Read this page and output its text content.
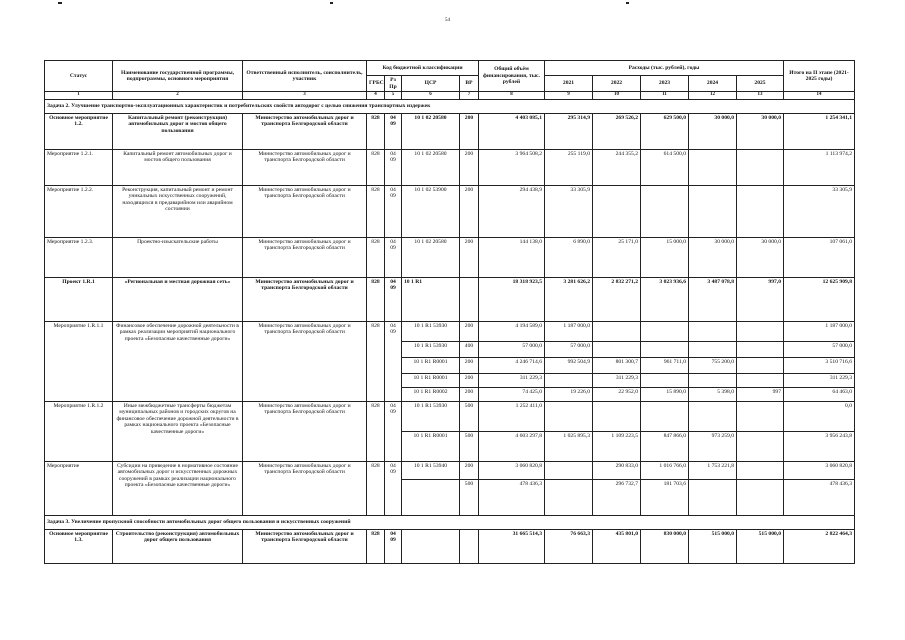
54
Статус	Наименование государственной программы, подпрограммы, основного мероприятия	Ответственный исполнитель, соисполнитель, участник	Код бюджетной классификации				Общий объём финансирования, тыс. рублей	Расходы (тыс. рублей), годы					Итого на II этапе (2021-2025 годы)
			ГРБС	Рз Пр	ЦСР	ВР		2021	2022	2023	2024	2025	
1	2	3	4	5	6	7	8	9	10	11	12	13	14
Задача 2. Улучшение транспортно-эксплуатационных характеристик и потребительских свойств автодорог с целью снижения транспортных издержек													
Основное мероприятие 1.2.	Капитальный ремонт (реконструкция) автомобильных дорог и мостов общего пользования	Министерство автомобильных дорог и транспорта Белгородской области	828	04 09	10 1 02 20580	200	4 403 085,1	295 314,9	269 526,2	629 500,0	30 000,0	30 000,0	1 254 341,1
Мероприятие 1.2.1.	Капитальный ремонт автомобильных дорог и мостов общего пользования	Министерство автомобильных дорог и транспорта Белгородской области	828	04 09	10 1 02 20580	200	3 964 508,2	255 119,0	244 355,2	614 500,0			1 113 974,2
Мероприятие 1.2.2.	Реконструкция, капитальный ремонт и ремонт уникальных искусственных сооружений, находящихся в предаварийном или аварийном состоянии	Министерство автомобильных дорог и транспорта Белгородской области	828	04 09	10 1 02 53900	200	294 438,9	33 305,9					33 305,9
Мероприятие 1.2.3.	Проектно-изыскательские работы	Министерство автомобильных дорог и транспорта Белгородской области	828	04 09	10 1 02 20580	200	144 138,0	6 890,0	25 171,0	15 000,0	30 000,0	30 000,0	107 061,0
Проект 1.R.1	«Региональная и местная дорожная сеть»	Министерство автомобильных дорог и транспорта Белгородской области	828	04 09	10 1 R1		18 318 923,5	3 281 626,2	2 832 271,2	3 023 936,6	3 487 078,8	997,0	12 625 909,8
Мероприятие 1.R.1.1	Финансовое обеспечение дорожной деятельности в рамках реализации мероприятий национального проекта «Безопасные качественные дороги»	Министерство автомобильных дорог и транспорта Белгородской области	828	04 09	10 1 R1 53930	200	4 194 589,0	1 187 000,0					1 187 000,0
					10 1 R1 53930	400	57 000,0	57 000,0					57 000,0
					10 1 R1 R0001	200	4 246 714,6	992 504,9	801 300,7	961 711,0	755 200,0		3 510 716,6
					10 1 R1 R0001	200	311 229,3		311 229,3				311 229,3
					10 1 R1 R0002	200	74 425,0	19 226,0	22 952,0	15 890,0	5 398,0	997	64 463,0
Мероприятие 1.R.1.2	Иные межбюджетные трансферты бюджетам муниципальных районов и городских округов на финансовое обеспечение дорожной деятельности в рамках национального проекта «Безопасные качественные дороги»	Министерство автомобильных дорог и транспорта Белгородской области	828	04 09	10 1 R1 53930	500	1 252 411,0						0,0
					10 1 R1 R0001	500	4 603 297,8	1 025 895,3	1 109 223,5	847 866,0	973 259,0		3 956 243,8
Мероприятие	Субсидии на приведение в нормативное состояние автомобильных дорог и искусственных дорожных сооружений в рамках реализации национального проекта «Безопасные качественные дороги»	Министерство автомобильных дорог и транспорта Белгородской области	828	04 09	10 1 R1 53940	200	3 060 820,8		290 833,0	1 016 766,0	1 753 221,8		3 060 820,8
						500	478 436,3		296 732,7	181 703,6			478 436,3
Задача 3. Увеличение пропускной способности автомобильных дорог общего пользования и искусственных сооружений													
Основное мероприятие 1.3.	Строительство (реконструкция) автомобильных дорог общего пользования	Министерство автомобильных дорог и транспорта Белгородской области	828	04 09			31 665 514,3	76 663,3	435 801,0	830 000,0	515 000,0	515 000,0	2 822 464,3
